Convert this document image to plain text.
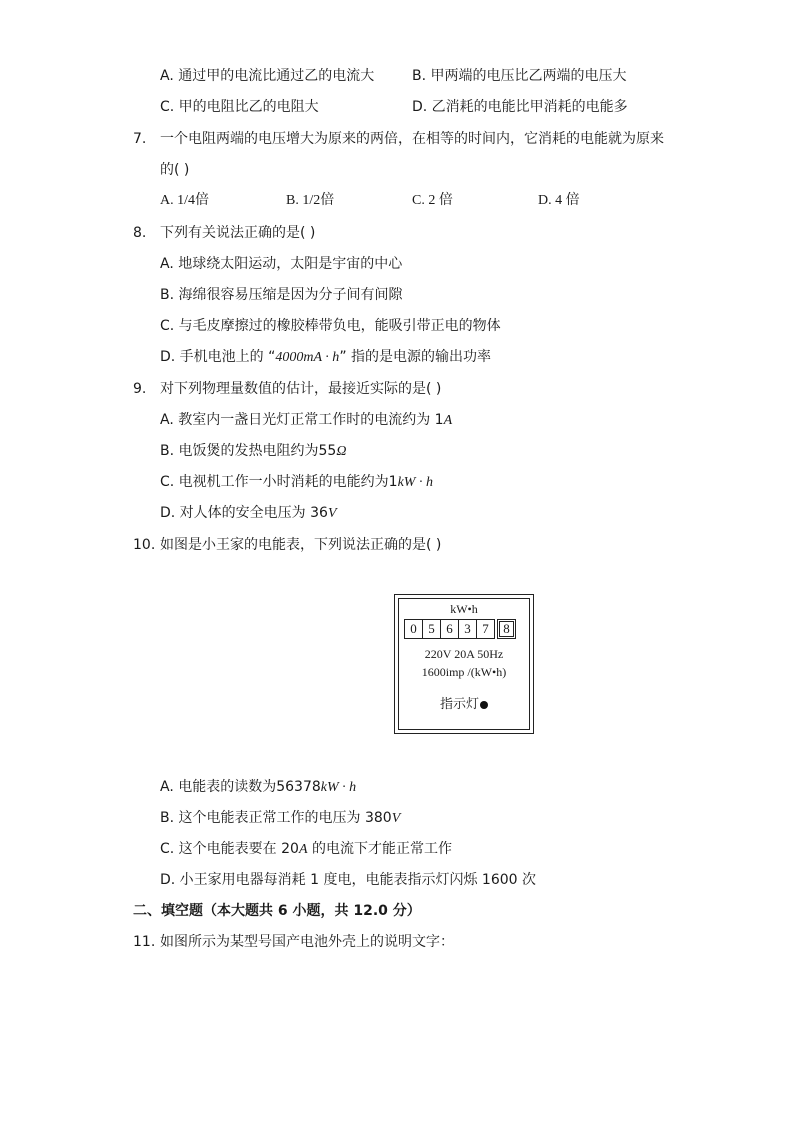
A. 通过甲的电流比通过乙的电流大	B. 甲两端的电压比乙两端的电压大
C. 甲的电阻比乙的电阻大	D. 乙消耗的电能比甲消耗的电能多
7. 一个电阻两端的电压增大为原来的两倍，在相等的时间内，它消耗的电能就为原来
的( )
A. 1/4倍	B. 1/2倍	C. 2 倍	D. 4 倍
8. 下列有关说法正确的是( )
A. 地球绕太阳运动，太阳是宇宙的中心
B. 海绵很容易压缩是因为分子间有间隙
C. 与毛皮摩擦过的橡胶棒带负电，能吸引带正电的物体
D. 手机电池上的 “4000mA · h” 指的是电源的输出功率
9. 对下列物理量数值的估计，最接近实际的是( )
A. 教室内一盏日光灯正常工作时的电流约为 1A
B. 电饭煲的发热电阻约为55Ω
C. 电视机工作一小时消耗的电能约为1kW · h
D. 对人体的安全电压为 36V
10. 如图是小王家的电能表，下列说法正确的是( )
kW•h
0 5 6 3 7	8
220V 20A 50Hz
1600imp /(kW•h)
指示灯
A. 电能表的读数为56378kW · h
B. 这个电能表正常工作的电压为 380V
C. 这个电能表要在 20A 的电流下才能正常工作
D. 小王家用电器每消耗 1 度电，电能表指示灯闪烁 1600 次
二、填空题（本大题共 6 小题，共 12.0 分）
11. 如图所示为某型号国产电池外壳上的说明文字：
